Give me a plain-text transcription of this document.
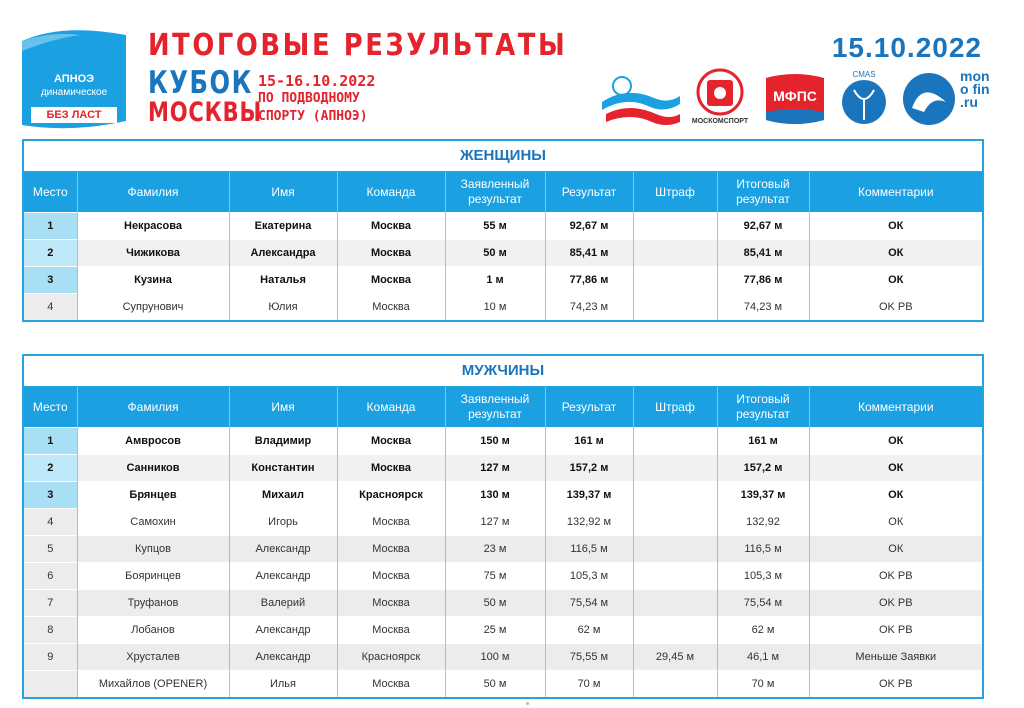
АПНОЭ
динамическое
БЕЗ ЛАСТ
ИТОГОВЫЕ РЕЗУЛЬТАТЫ
КУБОК
МОСКВЫ
15-16.10.2022
ПО ПОДВОДНОМУ
СПОРТУ (АПНОЭ)
15.10.2022
МОСКОМСПОРТ
МФПС
CMAS	mono fin .ru
ЖЕНЩИНЫ
Место	Фамилия	Имя	Команда	Заявленный результат	Результат	Штраф	Итоговый результат	Комментарии
1	Некрасова	Екатерина	Москва	55 м	92,67 м		92,67 м	ОК
2	Чижикова	Александра	Москва	50 м	85,41 м		85,41 м	ОК
3	Кузина	Наталья	Москва	1 м	77,86 м		77,86 м	ОК
4	Супрунович	Юлия	Москва	10 м	74,23 м		74,23 м	OK PB
МУЖЧИНЫ
Место	Фамилия	Имя	Команда	Заявленный результат	Результат	Штраф	Итоговый результат	Комментарии
1	Амвросов	Владимир	Москва	150 м	161 м		161 м	ОК
2	Санников	Константин	Москва	127 м	157,2 м		157,2 м	ОК
3	Брянцев	Михаил	Красноярск	130 м	139,37 м		139,37 м	ОК
4	Самохин	Игорь	Москва	127 м	132,92 м		132,92	ОК
5	Купцов	Александр	Москва	23 м	116,5 м		116,5 м	ОК
6	Бояринцев	Александр	Москва	75 м	105,3 м		105,3 м	OK PB
7	Труфанов	Валерий	Москва	50 м	75,54 м		75,54 м	OK PB
8	Лобанов	Александр	Москва	25 м	62 м		62 м	OK PB
9	Хрусталев	Александр	Красноярск	100 м	75,55 м	29,45 м	46,1 м	Меньше Заявки
	Михайлов (OPENER)	Илья	Москва	50 м	70 м		70 м	OK PB
